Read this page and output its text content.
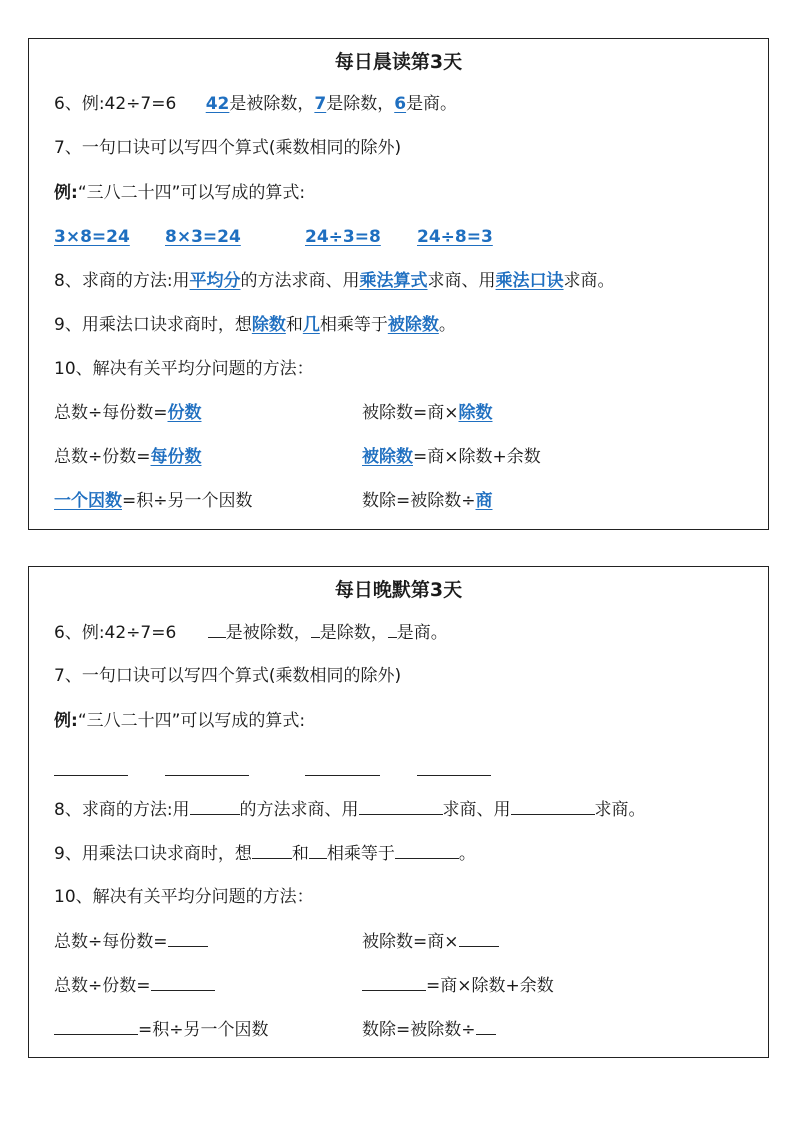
每日晨读第3天
6、例:42÷7=6 42是被除数，7是除数，6是商。
7、一句口诀可以写四个算式(乘数相同的除外)
例:“三八二十四”可以写成的算式:
3×8=24 8×3=24	24÷3=8 24÷8=3
8、求商的方法:用平均分的方法求商、用乘法算式求商、用乘法口诀求商。
9、用乘法口诀求商时，想除数和几相乘等于被除数。
10、解决有关平均分问题的方法：
总数÷每份数=份数	被除数=商×除数
总数÷份数=每份数	被除数=商×除数+余数
一个因数=积÷另一个因数	数除=被除数÷商
每日晚默第3天
6、例:42÷7=6	是被除数， 是除数， 是商。
7、一句口诀可以写四个算式(乘数相同的除外)
例:“三八二十四”可以写成的算式:
8、求商的方法:用	的方法求商、用	求商、用	求商。
9、用乘法口诀求商时，想 和 相乘等于	。
10、解决有关平均分问题的方法：
总数÷每份数=	被除数=商×
总数÷份数=	=商×除数+余数
=积÷另一个因数	数除=被除数÷
